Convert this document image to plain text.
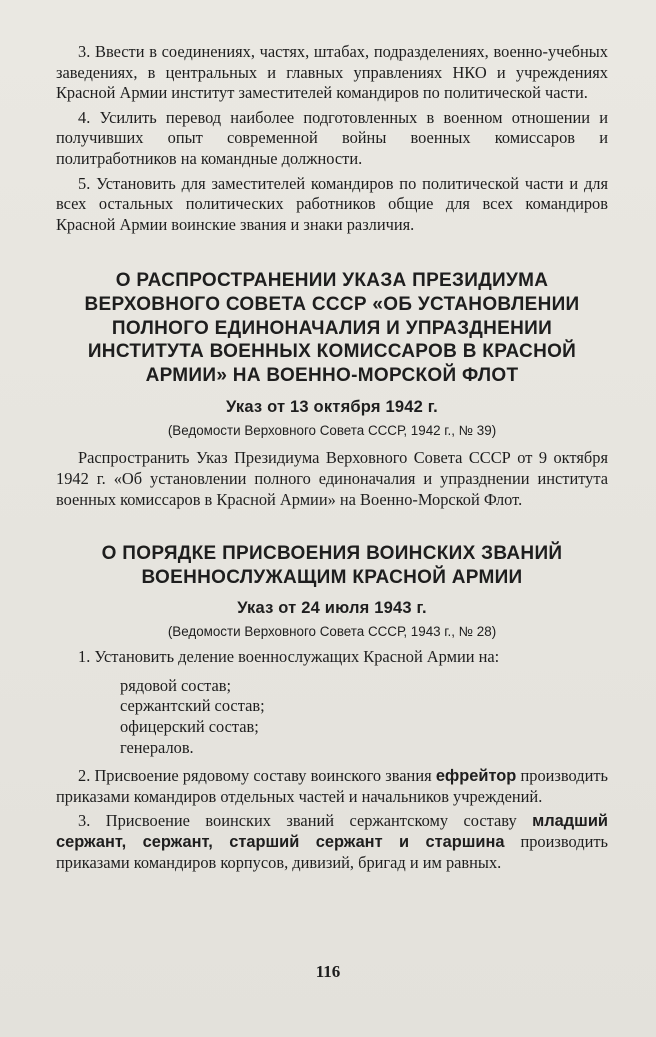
3. Ввести в соединениях, частях, штабах, подразделениях, военно-учебных заведениях, в центральных и главных управлениях НКО и учреждениях Красной Армии институт заместителей командиров по политической части.

4. Усилить перевод наиболее подготовленных в военном отношении и получивших опыт современной войны военных комиссаров и политработников на командные должности.

5. Установить для заместителей командиров по политической части и для всех остальных политических работников общие для всех командиров Красной Армии воинские звания и знаки различия.

О РАСПРОСТРАНЕНИИ УКАЗА ПРЕЗИДИУМА ВЕРХОВНОГО СОВЕТА СССР «ОБ УСТАНОВЛЕНИИ ПОЛНОГО ЕДИНОНАЧАЛИЯ И УПРАЗДНЕНИИ ИНСТИТУТА ВОЕННЫХ КОМИССАРОВ В КРАСНОЙ АРМИИ» НА ВОЕННО-МОРСКОЙ ФЛОТ

Указ от 13 октября 1942 г.

(Ведомости Верховного Совета СССР, 1942 г., № 39)

Распространить Указ Президиума Верховного Совета СССР от 9 октября 1942 г. «Об установлении полного единоначалия и упразднении института военных комиссаров в Красной Армии» на Военно-Морской Флот.

О ПОРЯДКЕ ПРИСВОЕНИЯ ВОИНСКИХ ЗВАНИЙ ВОЕННОСЛУЖАЩИМ КРАСНОЙ АРМИИ

Указ от 24 июля 1943 г.

(Ведомости Верховного Совета СССР, 1943 г., № 28)

1. Установить деление военнослужащих Красной Армии на:

рядовой состав;
сержантский состав;
офицерский состав;
генералов.

2. Присвоение рядовому составу воинского звания ефрейтор производить приказами командиров отдельных частей и начальников учреждений.

3. Присвоение воинских званий сержантскому составу младший сержант, сержант, старший сержант и старшина производить приказами командиров корпусов, дивизий, бригад и им равных.

116
